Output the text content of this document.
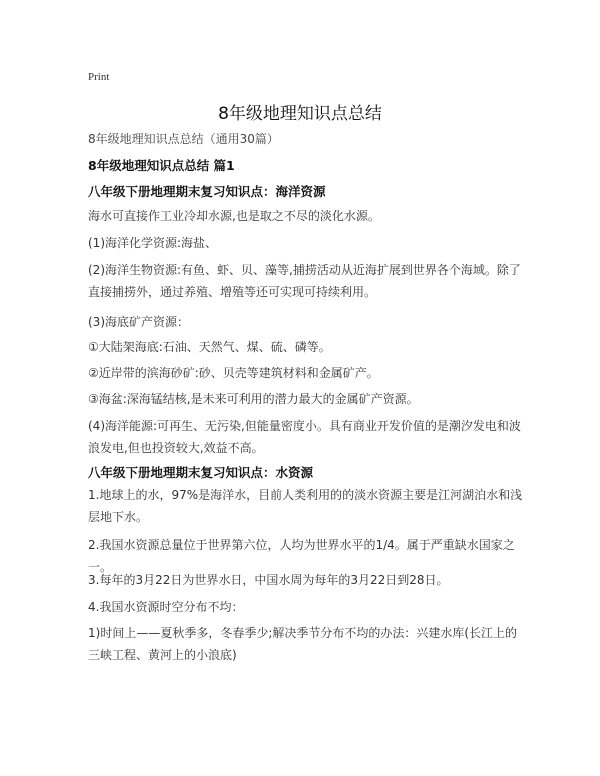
Print
8年级地理知识点总结
8年级地理知识点总结（通用30篇）
8年级地理知识点总结 篇1
八年级下册地理期末复习知识点：海洋资源
海水可直接作工业冷却水源,也是取之不尽的淡化水源。
(1)海洋化学资源:海盐、
(2)海洋生物资源:有鱼、虾、贝、藻等,捕捞活动从近海扩展到世界各个海域。除了
直接捕捞外，通过养殖、增殖等还可实现可持续利用。
(3)海底矿产资源：
①大陆架海底:石油、天然气、煤、硫、磷等。
②近岸带的滨海砂矿:砂、贝壳等建筑材料和金属矿产。
③海盆:深海锰结核,是未来可利用的潜力最大的金属矿产资源。
(4)海洋能源:可再生、无污染,但能量密度小。具有商业开发价值的是潮汐发电和波
浪发电,但也投资较大,效益不高。
八年级下册地理期末复习知识点：水资源
1.地球上的水，97%是海洋水，目前人类利用的的淡水资源主要是江河湖泊水和浅
层地下水。
2.我国水资源总量位于世界第六位，人均为世界水平的1/4。属于严重缺水国家之
一。
3.每年的3月22日为世界水日，中国水周为每年的3月22日到28日。
4.我国水资源时空分布不均：
1)时间上——夏秋季多，冬春季少;解决季节分布不均的办法：兴建水库(长江上的
三峡工程、黄河上的小浪底)
